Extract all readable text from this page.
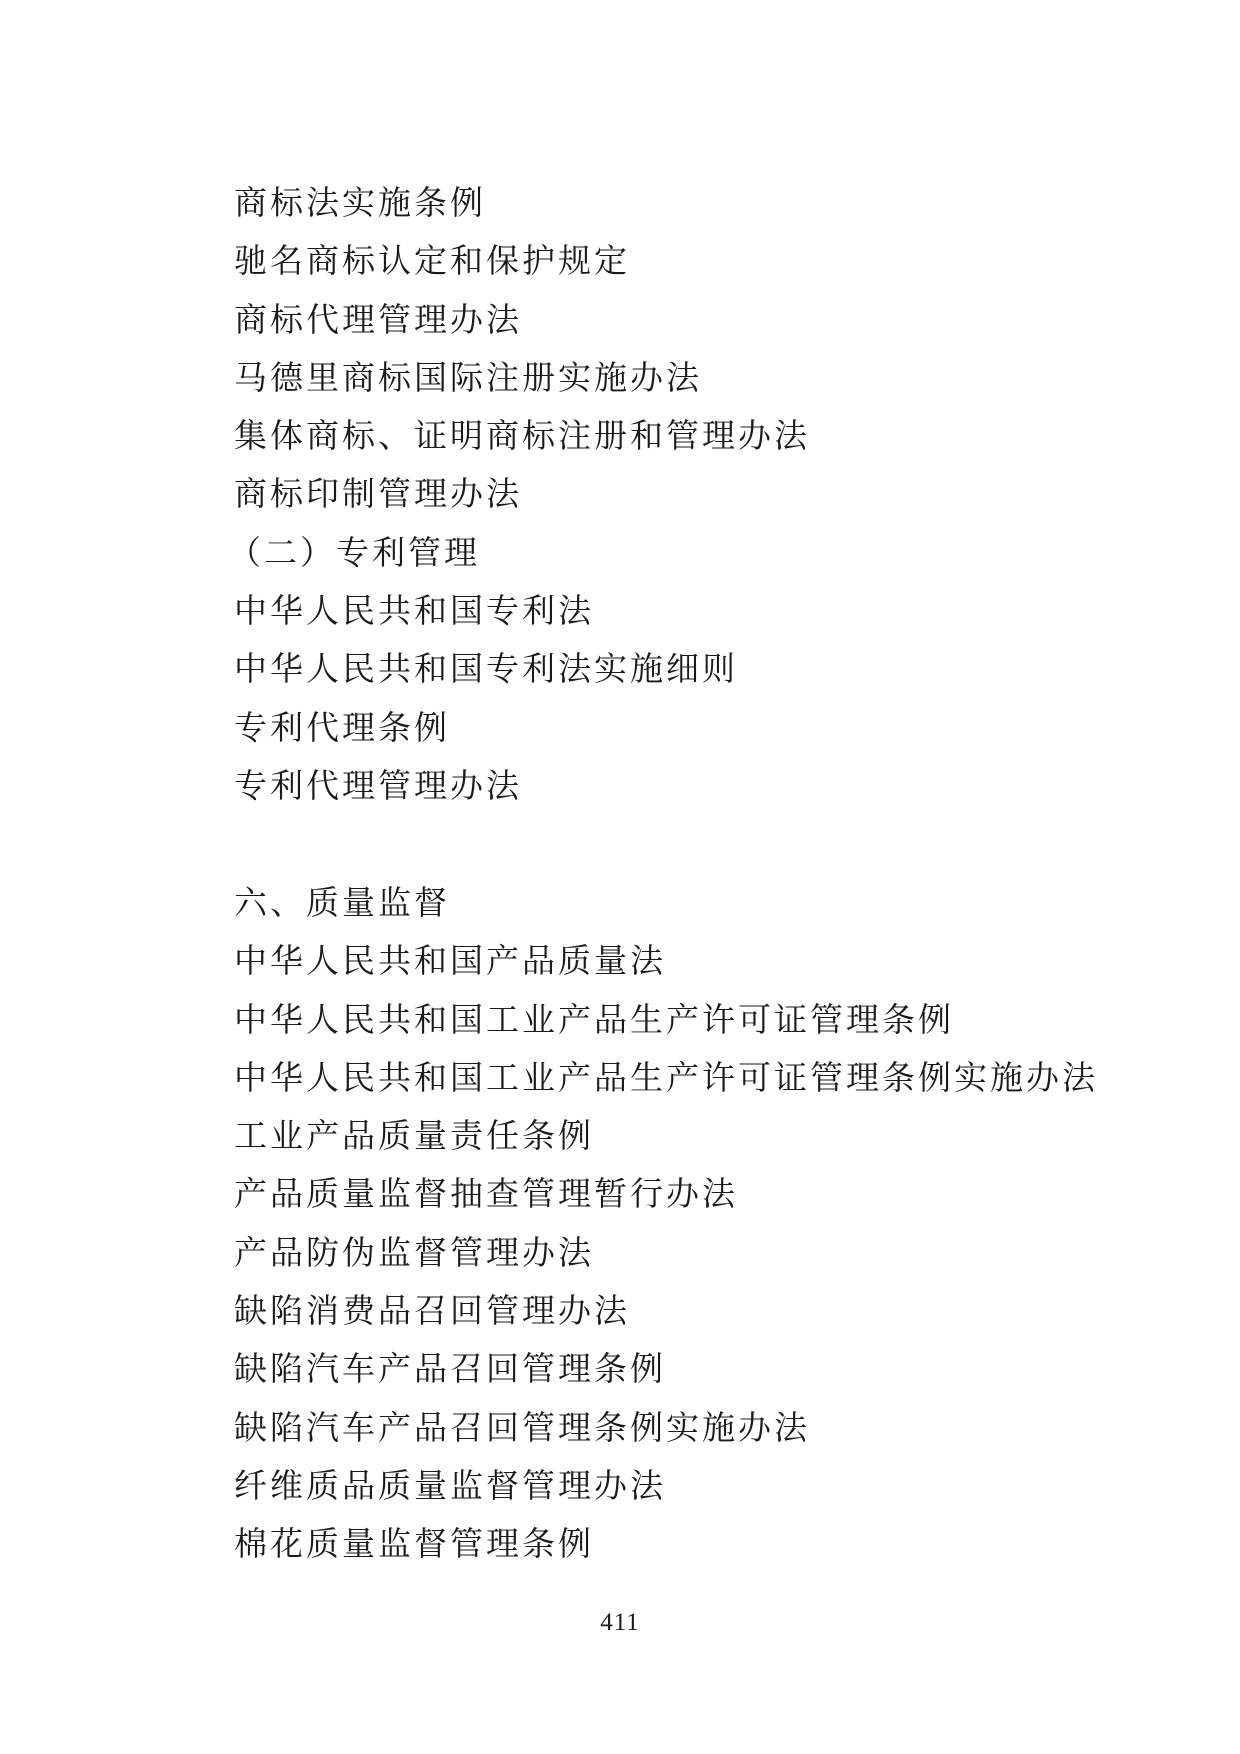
商标法实施条例
驰名商标认定和保护规定
商标代理管理办法
马德里商标国际注册实施办法
集体商标、证明商标注册和管理办法
商标印制管理办法
（二）专利管理
中华人民共和国专利法
中华人民共和国专利法实施细则
专利代理条例
专利代理管理办法
六、质量监督
中华人民共和国产品质量法
中华人民共和国工业产品生产许可证管理条例
中华人民共和国工业产品生产许可证管理条例实施办法
工业产品质量责任条例
产品质量监督抽查管理暂行办法
产品防伪监督管理办法
缺陷消费品召回管理办法
缺陷汽车产品召回管理条例
缺陷汽车产品召回管理条例实施办法
纤维质品质量监督管理办法
棉花质量监督管理条例
411
